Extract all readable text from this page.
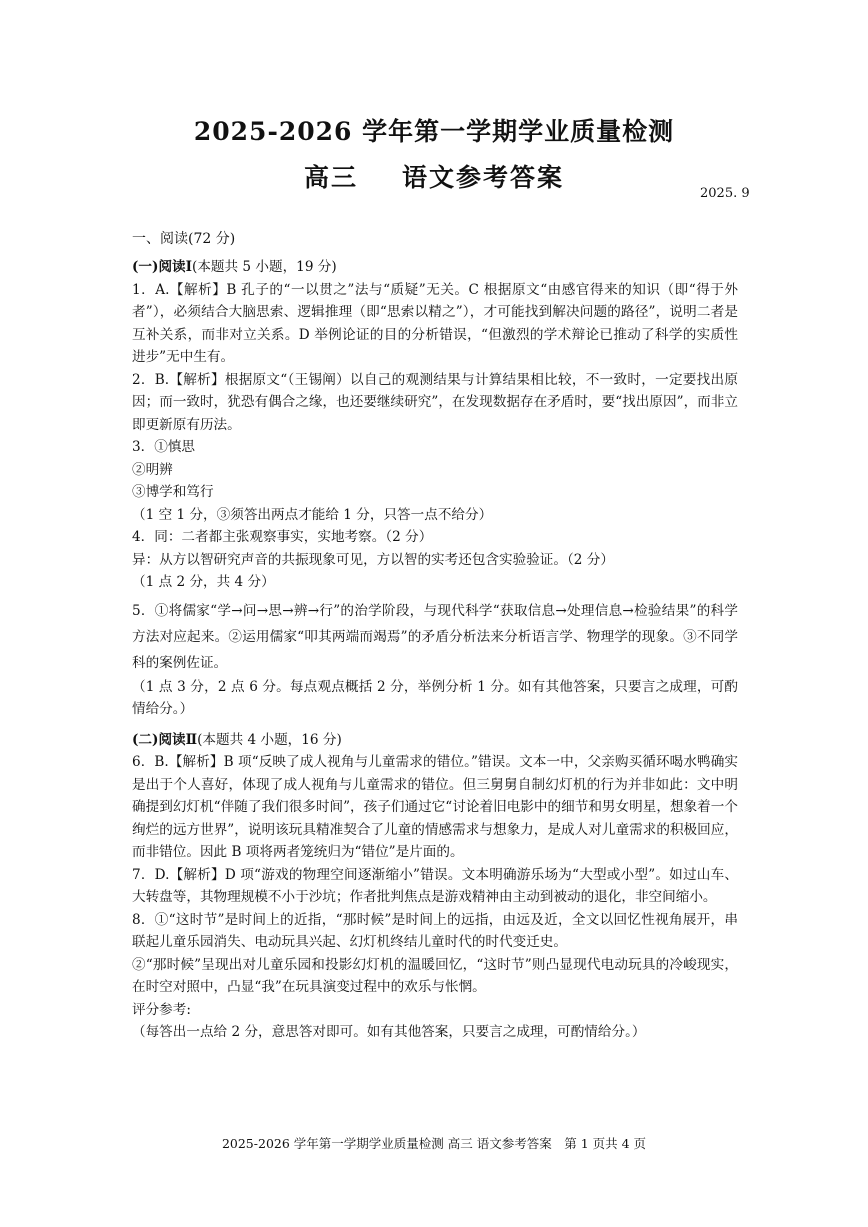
2025-2026 学年第一学期学业质量检测
高三 语文参考答案
2025. 9
一、阅读(72 分)

(一)阅读Ⅰ(本题共 5 小题，19 分)

1．A.【解析】B 孔子的“一以贯之”法与“质疑”无关。C 根据原文“由感官得来的知识（即“得于外者”），必须结合大脑思索、逻辑推理（即“思索以精之”），才可能找到解决问题的路径”，说明二者是互补关系，而非对立关系。D 举例论证的目的分析错误，“但激烈的学术辩论已推动了科学的实质性进步”无中生有。

2．B.【解析】根据原文“（王锡阐）以自己的观测结果与计算结果相比较，不一致时，一定要找出原因；而一致时，犹恐有偶合之缘，也还要继续研究”，在发现数据存在矛盾时，要“找出原因”，而非立即更新原有历法。

3．①慎思

②明辨

③博学和笃行

（1 空 1 分，③须答出两点才能给 1 分，只答一点不给分）

4．同：二者都主张观察事实，实地考察。（2 分）

异：从方以智研究声音的共振现象可见，方以智的实考还包含实验验证。（2 分）

（1 点 2 分，共 4 分）

5．①将儒家“学→问→思→辨→行”的治学阶段，与现代科学“获取信息→处理信息→检验结果”的科学方法对应起来。②运用儒家“叩其两端而竭焉”的矛盾分析法来分析语言学、物理学的现象。③不同学科的案例佐证。

（1 点 3 分，2 点 6 分。每点观点概括 2 分，举例分析 1 分。如有其他答案，只要言之成理，可酌情给分。）

(二)阅读Ⅱ(本题共 4 小题，16 分)

6．B.【解析】B 项“反映了成人视角与儿童需求的错位。”错误。文本一中，父亲购买循环喝水鸭确实是出于个人喜好，体现了成人视角与儿童需求的错位。但三舅舅自制幻灯机的行为并非如此：文中明确提到幻灯机“伴随了我们很多时间”，孩子们通过它“讨论着旧电影中的细节和男女明星，想象着一个绚烂的远方世界”，说明该玩具精准契合了儿童的情感需求与想象力，是成人对儿童需求的积极回应，而非错位。因此 B 项将两者笼统归为“错位”是片面的。

7．D.【解析】D 项“游戏的物理空间逐渐缩小”错误。文本明确游乐场为“大型或小型”。如过山车、大转盘等，其物理规模不小于沙坑；作者批判焦点是游戏精神由主动到被动的退化，非空间缩小。

8．①“这时节”是时间上的近指，“那时候”是时间上的远指，由远及近，全文以回忆性视角展开，串联起儿童乐园消失、电动玩具兴起、幻灯机终结儿童时代的时代变迁史。

②“那时候”呈现出对儿童乐园和投影幻灯机的温暖回忆，“这时节”则凸显现代电动玩具的冷峻现实，在时空对照中，凸显“我”在玩具演变过程中的欢乐与怅惘。

评分参考:

（每答出一点给 2 分，意思答对即可。如有其他答案，只要言之成理，可酌情给分。）

2025-2026 学年第一学期学业质量检测 高三 语文参考答案　第 1 页共 4 页
